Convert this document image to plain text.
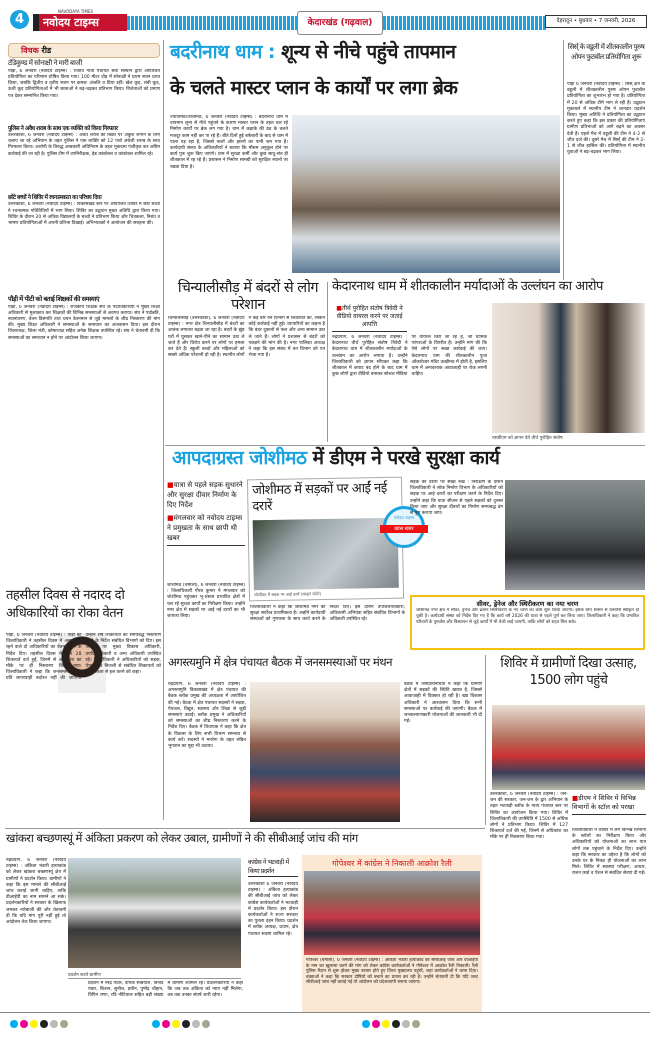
4
NAVODAYA TIMES
नवोदय टाइम्स	केदारखंड (गढ़वाल)	देहरादून • बुधवार • 7 जनवरी, 2026
विचक रीड
टंडिकुण्ड में सोनाक्षी ने मारी बाजी
पौड़ी, 6 जनवरी (नवोदय टाइम्स) : राजीव गांधी पंचायत सेवा संस्थान द्वारा आयोजित प्रतियोगिता का परिणाम घोषित किया गया। 100 मीटर दौड़ में सोनाक्षी ने प्रथम स्थान प्राप्त किया, जबकि द्वितीय व तृतीय स्थान पर क्रमशः अंजलि व प्रिया रहीं। खेल कूद, लंबी कूद, ऊंची कूद प्रतियोगिताओं में भी छात्राओं ने बढ़-चढ़कर प्रतिभाग किया। विजेताओं को प्रमाण पत्र देकर सम्मानित किया गया।
पुलिस ने अवैध शराब के साथ एक व्यक्ति को किया गिरफ्तार
उत्तरकाशी, 6 जनवरी (नवोदय टाइम्स) : अवैध शराब की बिक्री पर अंकुश लगाने के लिए चलाए जा रहे अभियान के तहत पुलिस ने एक व्यक्ति को 12 पव्वे अंग्रेजी शराब के साथ गिरफ्तार किया। आरोपी के विरुद्ध आबकारी अधिनियम के तहत मुकदमा पंजीकृत कर अग्रिम कार्रवाई की जा रही है। पुलिस टीम में उपनिरीक्षक, हेड कांस्टेबल व कांस्टेबल शामिल रहे।
छोटे बच्चों ने शिविर में रचनात्मकता का परिचय दिया
उत्तरकाशी, 6 जनवरी (नवोदय टाइम्स) : विकासखंड स्तर पर आयोजित शिविर में छोटे बच्चों ने रचनात्मक गतिविधियों में भाग लिया। शिविर का उद्घाटन मुख्य अतिथि द्वारा किया गया। शिविर के दौरान 20 से अधिक विद्यालयों के बच्चों ने प्रतिभाग किया और चित्रकला, निबंध व भाषण प्रतियोगिताओं में अपनी प्रतिभा दिखाई। अभिभावकों ने आयोजन की सराहना की।
पौड़ी में पीटी को बताई शिक्षकों की समस्याएं
पौड़ी, 6 जनवरी (नवोदय टाइम्स) : राजकीय शिक्षक संघ के पदाधिकारियों ने मुख्य शिक्षा अधिकारी से मुलाकात कर शिक्षकों की विभिन्न समस्याओं से अवगत कराया। संघ ने पदोन्नति, स्थानांतरण, वेतन विसंगति तथा चयन वेतनमान से जुड़े मामलों के शीघ्र निस्तारण की मांग की। मुख्य शिक्षा अधिकारी ने समस्याओं के समाधान का आश्वासन दिया। इस दौरान जिलाध्यक्ष, जिला मंत्री, कोषाध्यक्ष सहित अनेक शिक्षक उपस्थित रहे। संघ ने चेतावनी दी कि समस्याओं का समाधान न होने पर आंदोलन किया जाएगा।
बदरीनाथ धाम : शून्य से नीचे पहुंचे तापमान
के चलते मास्टर प्लान के कार्यों पर लगा ब्रेक
ज्योतिर्मठ/जोशीमठ, 6 जनवरी (नवोदय टाइम्स) : बदरीनाथ धाम में तापमान शून्य से नीचे पहुंचने के कारण मास्टर प्लान के तहत चल रहे निर्माण कार्यों पर ब्रेक लग गया है। धाम में कड़ाके की ठंड के चलते मजदूर काम नहीं कर पा रहे हैं। बीते दिनों हुई बर्फबारी के बाद से धाम में पाला पड़ रहा है, जिससे नालों और झरनों का पानी जम गया है। कार्यदायी संस्था के अधिकारियों ने बताया कि मौसम अनुकूल होने पर कार्य पुनः शुरू किए जाएंगे। धाम में सुरक्षा कर्मी और कुछ साधु-संत ही शीतकाल में रह रहे हैं। प्रशासन ने निर्माण सामग्री को सुरक्षित स्थानों पर रखवा दिया है।
सिर्स् के वडूली में शीतकालीन पुरुष ओपन फुटबॉल प्रतियोगिता शुरू
पौड़ी 6 जनवरी (नवोदय टाइम्स) : सिर्स् क्षेत्र के वडूली में शीतकालीन पुरुष ओपन फुटबॉल प्रतियोगिता का शुभारंभ हो गया है। प्रतियोगिता में 20 से अधिक टीमें भाग ले रही हैं। उद्घाटन मुकाबले में स्थानीय टीम ने शानदार प्रदर्शन किया। मुख्य अतिथि ने प्रतियोगिता का उद्घाटन करते हुए कहा कि इस प्रकार की प्रतियोगिताएं ग्रामीण प्रतिभाओं को आगे बढ़ने का अवसर देती हैं। पहले मैच में वडूली की टीम ने 4-2 से जीत दर्ज की। दूसरे मैच में सिर्स् की टीम ने 2-1 से जीत हासिल की। प्रतियोगिता में स्थानीय युवाओं ने बढ़-चढ़कर भाग लिया।
चिन्यालीसौड़ में बंदरों से लोग परेशान
चिन्यालीसौड़ (उत्तरकाशी), 6 जनवरी (नवोदय टाइम्स) : नगर क्षेत्र चिन्यालीसौड़ में बंदरों का आतंक लगातार बढ़ता जा रहा है। बंदरों के झुंड घरों में घुसकर खाने-पीने का सामान उठा ले जाते हैं और विरोध करने पर लोगों पर हमला कर देते हैं। स्कूली बच्चों और महिलाओं को सबसे अधिक परेशानी हो रही है। स्थानीय लोगों ने कई बार वन विभाग से शिकायत की, लेकिन कोई कार्रवाई नहीं हुई। व्यापारियों का कहना है कि बंदर दुकानों से फल और अन्य सामान उठा ले जाते हैं। लोगों ने प्रशासन से बंदरों को पकड़ने की मांग की है। नगर पालिका अध्यक्ष ने कहा कि इस संबंध में वन विभाग को पत्र भेजा गया है।
केदारनाथ धाम में शीतकालीन मर्यादाओं के उल्लंघन का आरोप
■तीर्थ पुरोहित संतोष त्रिवेदी ने वीडियो वायरल करने पर जताई आपत्ति
रुद्रप्रयाग, 6 जनवरी (नवोदय टाइम्स) : केदारनाथ तीर्थ पुरोहित संतोष त्रिवेदी ने केदारनाथ धाम में शीतकालीन मर्यादाओं के उल्लंघन का आरोप लगाया है। उन्होंने जिलाधिकारी को ज्ञापन सौंपकर कहा कि शीतकाल में कपाट बंद होने के बाद धाम में कुछ लोगों द्वारा वीडियो बनाकर सोशल मीडिया पर वायरल किए जा रहे हैं, जो धार्मिक परंपराओं के विपरीत है। उन्होंने मांग की कि ऐसे लोगों पर सख्त कार्रवाई की जाए। केदारनाथ धाम की शीतकालीन पूजा ओंकारेश्वर मंदिर ऊखीमठ में होती है, इसलिए धाम में अनावश्यक आवाजाही पर रोक लगनी चाहिए।
एसडीएम को ज्ञापन देते तीर्थ पुरोहित संतोष
आपदाग्रस्त जोशीमठ में डीएम ने परखे सुरक्षा कार्य
■यात्रा से पहले सड़क सुधारने और सुरक्षा दीवार निर्माण के दिए निर्देश
■मंगलवार को नवोदय टाइम्स ने प्रमुखता के साथ छापी थी खबर
जोशीमठ (चमोली), 6 जनवरी (नवोदय टाइम्स) : जिलाधिकारी गौरव कुमार ने मंगलवार को जोशीमठ पहुंचकर भू-धंसाव प्रभावित क्षेत्रों में चल रहे सुरक्षा कार्यों का निरीक्षण किया। उन्होंने नगर क्षेत्र में सड़कों पर आई नई दरारों का भी जायजा लिया।
जोशीमठ में सड़कों पर आईं नई दरारें
जोशीमठ में सड़क पर आई दरारें (फाइल फोटो)
नवोदय टाइम्स
खास खबर
सड़क की दरारों पर सख्त रुख : निरीक्षण के दौरान जिलाधिकारी ने लोक निर्माण विभाग के अधिकारियों को सड़क पर आई दरारों का परीक्षण करने के निर्देश दिए। उन्होंने कहा कि यात्रा सीजन से पहले सड़कों को दुरुस्त किया जाए और सुरक्षा दीवारों का निर्माण समयबद्ध ढंग से पूरा कराया जाए।
जिलाधिकारी ने कहा कि जोशीमठ नगर की सुरक्षा सर्वोच्च प्राथमिकता है। उन्होंने कार्यदायी संस्थाओं को गुणवत्ता के साथ कार्य करने के निर्देश दिए। इस दौरान उपजिलाधिकारी, अधिशासी अभियंता सहित संबंधित विभागों के अधिकारी उपस्थित रहे।
सीवर, ड्रेनेज और स्थिरीकरण का नया चरण
जोशीमठ नगर क्षेत्र में सीवर, ड्रेनेज और ढलान स्थिरीकरण के नए चरण का कार्य शुरू किया जाएगा। इसके लिए शासन से धनराशि स्वीकृत हो चुकी है। कार्यदायी संस्था को निर्देश दिए गए हैं कि कार्य वर्ष 2026 की यात्रा से पहले पूर्ण कर लिया जाए। जिलाधिकारी ने कहा कि प्रभावित परिवारों के पुनर्वास और विस्थापन से जुड़े कार्यों में भी तेजी लाई जाएगी, ताकि लोगों को राहत मिल सके।
तहसील दिवस से नदारद दो अधिकारियों का रोका वेतन
पौड़ी, 6 जनवरी (नवोदय टाइम्स) : पौड़ी की जिलाधिकारी ने तहसील दिवस में अनुपस्थित रहने वाले दो अधिकारियों का वेतन रोकने के निर्देश दिए। तहसील दिवस में कुल 28 शिकायतें दर्ज हुईं, जिनमें से अधिकांश का मौके पर ही निस्तारण किया गया। जिलाधिकारी ने कहा कि जनसमस्याओं के प्रति लापरवाही बर्दाश्त नहीं की जाएगी। उन्होंने शेष शिकायतों का समयबद्ध निस्तारण करने के निर्देश संबंधित विभागों को दिए। इस अवसर पर मुख्य विकास अधिकारी, उपजिलाधिकारी व अन्य अधिकारी उपस्थित रहे। जिलाधिकारी ने अधिकारियों को सड़क, पेयजल व बिजली से संबंधित शिकायतों को प्राथमिकता से हल करने को कहा।
अगस्त्यमुनि में क्षेत्र पंचायत बैठक में जनसमस्याओं पर मंथन
रुद्रप्रयाग, 6 जनवरी (नवोदय टाइम्स) : अगस्त्यमुनि विकासखंड में क्षेत्र पंचायत की बैठक ब्लॉक प्रमुख की अध्यक्षता में आयोजित की गई। बैठक में क्षेत्र पंचायत सदस्यों ने सड़क, पेयजल, विद्युत, स्वास्थ्य और शिक्षा से जुड़ी समस्याएं उठाईं। ब्लॉक प्रमुख ने अधिकारियों को समस्याओं का शीघ्र निस्तारण करने के निर्देश दिए। बैठक में विधायक ने कहा कि क्षेत्र के विकास के लिए सभी विभाग समन्वय से कार्य करें। सदस्यों ने मनरेगा के तहत लंबित भुगतान का मुद्दा भी उठाया।
बैठक में जनप्रतिनिधियों ने कहा कि ग्रामीण क्षेत्रों में सड़कों की स्थिति खराब है, जिससे आवाजाही में दिक्कत हो रही है। खंड विकास अधिकारी ने आश्वासन दिया कि सभी समस्याओं पर कार्रवाई की जाएगी। बैठक में जनकल्याणकारी योजनाओं की जानकारी भी दी गई।
शिविर में ग्रामीणों दिखा उत्साह, 1500 लोग पहुंचे
उत्तरकाशी, 6 जनवरी (नवोदय टाइम्स) : जन-जन की सरकार, जन-जन के द्वार अभियान के तहत भटवाड़ी ब्लॉक के न्याय पंचायत स्तर पर शिविर का आयोजन किया गया। शिविर में जिलाधिकारी की उपस्थिति में 1500 से अधिक लोगों ने प्रतिभाग किया। शिविर में 127 शिकायतें दर्ज की गईं, जिनमें से अधिकांश का मौके पर ही निस्तारण किया गया।
■डीएम ने शिविर में विभिन्न विभागों के स्टॉल को परखा
जिलाधिकारी ने शिविर में लगे विभिन्न विभागों के स्टॉलों का निरीक्षण किया और अधिकारियों को योजनाओं का लाभ पात्र लोगों तक पहुंचाने के निर्देश दिए। उन्होंने कहा कि सरकार का उद्देश्य है कि लोगों को उनके घर के निकट ही योजनाओं का लाभ मिले। शिविर में स्वास्थ्य परीक्षण, आधार, राशन कार्ड व पेंशन से संबंधित सेवाएं दी गईं।
खांकरा बच्छणस्यूं में अंकिता प्रकरण को लेकर उबाल, ग्रामीणों ने की सीबीआई जांच की मांग
रुद्रप्रयाग, 6 जनवरी (नवोदय टाइम्स) : अंकिता भंडारी हत्याकांड को लेकर खांकरा बच्छणस्यूं क्षेत्र में ग्रामीणों ने प्रदर्शन किया। ग्रामीणों ने कहा कि इस मामले की सीबीआई जांच कराई जानी चाहिए, ताकि वीआईपी का नाम सामने आ सके। प्रदर्शनकारियों ने सरकार के खिलाफ जमकर नारेबाजी की और चेतावनी दी कि यदि मांग पूरी नहीं हुई तो आंदोलन तेज किया जाएगा।
प्रदर्शन करते ग्रामीण
प्रदर्शन में नरेंद्र पंवार, दीपक सोबयाल, विनोद पंवार, किशन, सुनील, प्रवीन, पुष्पेंद्र चौहान, विपिन राणा, रवि नौटियाल सहित बड़ी संख्या में ग्रामीण शामिल रहे। प्रदर्शनकारियों ने कहा कि जब तक अंकिता को न्याय नहीं मिलेगा, तब तक उनका संघर्ष जारी रहेगा।
कांग्रेस ने भटवाड़ी में किया प्रदर्शन
उत्तरकाशी 6 जनवरी (नवोदय टाइम्स) : अंकिता हत्याकांड की सीबीआई जांच को लेकर कांग्रेस कार्यकर्ताओं ने भटवाड़ी में प्रदर्शन किया। इस दौरान कार्यकर्ताओं ने राज्य सरकार का पुतला दहन किया। प्रदर्शन में ब्लॉक अध्यक्ष, प्रधान, क्षेत्र पंचायत सदस्य शामिल रहे।
गोपेश्वर में कांग्रेस ने निकाली आक्रोश रैली
गोपेश्वर (चमोली), 6 जनवरी (नवोदय टाइम्स) : अंकिता भंडारी हत्याकांड की सीबीआई जांच और वीआईपी के नाम का खुलासा करने की मांग को लेकर कांग्रेस कार्यकर्ताओं ने गोपेश्वर में आक्रोश रैली निकाली। रैली पुलिस मैदान से शुरू होकर मुख्य बाजार होते हुए जिला मुख्यालय पहुंची, जहां कार्यकर्ताओं ने धरना दिया। वक्ताओं ने कहा कि सरकार दोषियों को बचाने का प्रयास कर रही है। उन्होंने चेतावनी दी कि यदि जल्द सीबीआई जांच नहीं कराई गई तो आंदोलन को प्रदेशव्यापी बनाया जाएगा।
